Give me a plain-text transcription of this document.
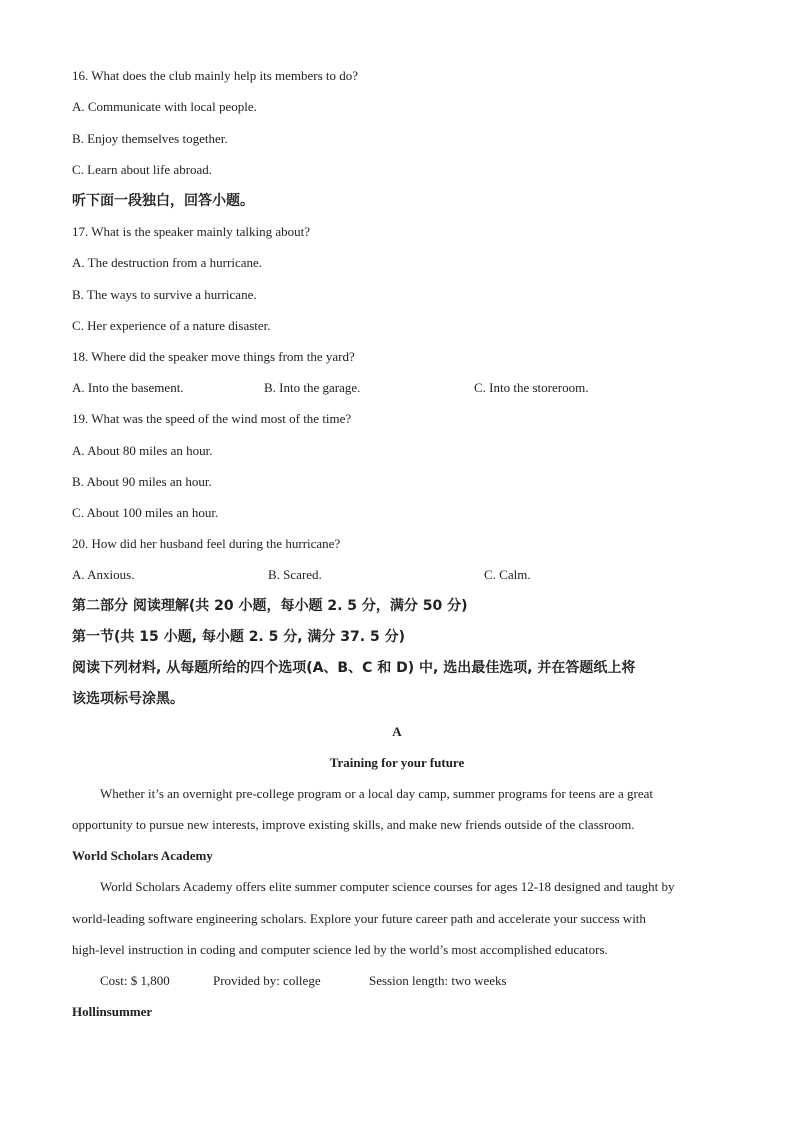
16. What does the club mainly help its members to do?
A. Communicate with local people.
B. Enjoy themselves together.
C. Learn about life abroad.
听下面一段独白，回答小题。
17. What is the speaker mainly talking about?
A. The destruction from a hurricane.
B. The ways to survive a hurricane.
C. Her experience of a nature disaster.
18. Where did the speaker move things from the yard?
A. Into the basement.	B. Into the garage.	C. Into the storeroom.
19. What was the speed of the wind most of the time?
A. About 80 miles an hour.
B. About 90 miles an hour.
C. About 100 miles an hour.
20. How did her husband feel during the hurricane?
A. Anxious.	B. Scared.	C. Calm.
第二部分 阅读理解(共 20 小题，每小题 2. 5 分，满分 50 分)
第一节(共 15 小题, 每小题 2. 5 分, 满分 37. 5 分)
阅读下列材料, 从每题所给的四个选项(A、B、C 和 D) 中, 选出最佳选项, 并在答题纸上将
该选项标号涂黑。
A
Training for your future
Whether it’s an overnight pre-college program or a local day camp, summer programs for teens are a great
opportunity to pursue new interests, improve existing skills, and make new friends outside of the classroom.
World Scholars Academy
World Scholars Academy offers elite summer computer science courses for ages 12-18 designed and taught by
world-leading software engineering scholars. Explore your future career path and accelerate your success with
high-level instruction in coding and computer science led by the world’s most accomplished educators.
Cost: $ 1,800	Provided by: college	Session length: two weeks
Hollinsummer
